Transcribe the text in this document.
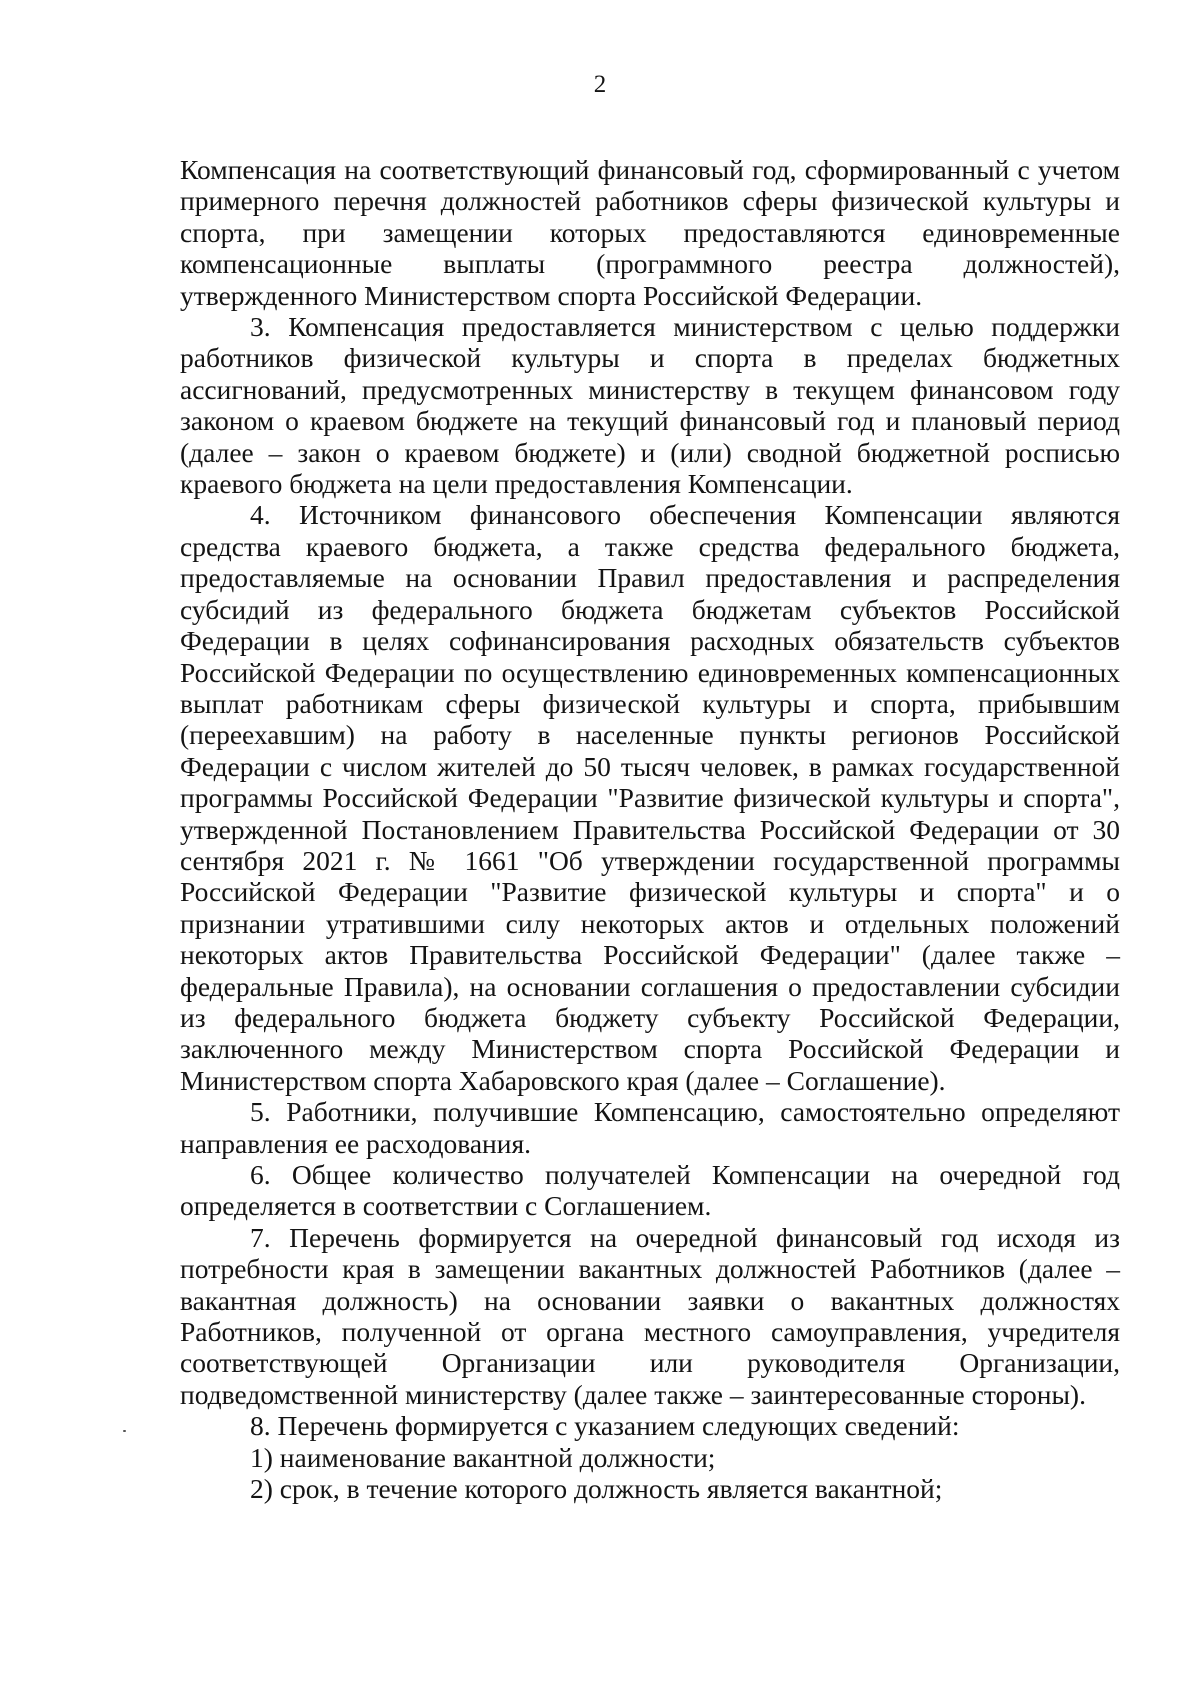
2

Компенсация на соответствующий финансовый год, сформированный с учетом примерного перечня должностей работников сферы физической культуры и спорта, при замещении которых предоставляются единовременные компенсационные выплаты (программного реестра должностей), утвержденного Министерством спорта Российской Федерации.

3. Компенсация предоставляется министерством с целью поддержки работников физической культуры и спорта в пределах бюджетных ассигнований, предусмотренных министерству в текущем финансовом году законом о краевом бюджете на текущий финансовый год и плановый период (далее – закон о краевом бюджете) и (или) сводной бюджетной росписью краевого бюджета на цели предоставления Компенсации.

4. Источником финансового обеспечения Компенсации являются средства краевого бюджета, а также средства федерального бюджета, предоставляемые на основании Правил предоставления и распределения субсидий из федерального бюджета бюджетам субъектов Российской Федерации в целях софинансирования расходных обязательств субъектов Российской Федерации по осуществлению единовременных компенсационных выплат работникам сферы физической культуры и спорта, прибывшим (переехавшим) на работу в населенные пункты регионов Российской Федерации с числом жителей до 50 тысяч человек, в рамках государственной программы Российской Федерации "Развитие физической культуры и спорта", утвержденной Постановлением Правительства Российской Федерации от 30 сентября 2021 г. № 1661 "Об утверждении государственной программы Российской Федерации "Развитие физической культуры и спорта" и о признании утратившими силу некоторых актов и отдельных положений некоторых актов Правительства Российской Федерации" (далее также – федеральные Правила), на основании соглашения о предоставлении субсидии из федерального бюджета бюджету субъекту Российской Федерации, заключенного между Министерством спорта Российской Федерации и Министерством спорта Хабаровского края (далее – Соглашение).

5. Работники, получившие Компенсацию, самостоятельно определяют направления ее расходования.

6. Общее количество получателей Компенсации на очередной год определяется в соответствии с Соглашением.

7. Перечень формируется на очередной финансовый год исходя из потребности края в замещении вакантных должностей Работников (далее – вакантная должность) на основании заявки о вакантных должностях Работников, полученной от органа местного самоуправления, учредителя соответствующей Организации или руководителя Организации, подведомственной министерству (далее также – заинтересованные стороны).

8. Перечень формируется с указанием следующих сведений:

1) наименование вакантной должности;

2) срок, в течение которого должность является вакантной;
